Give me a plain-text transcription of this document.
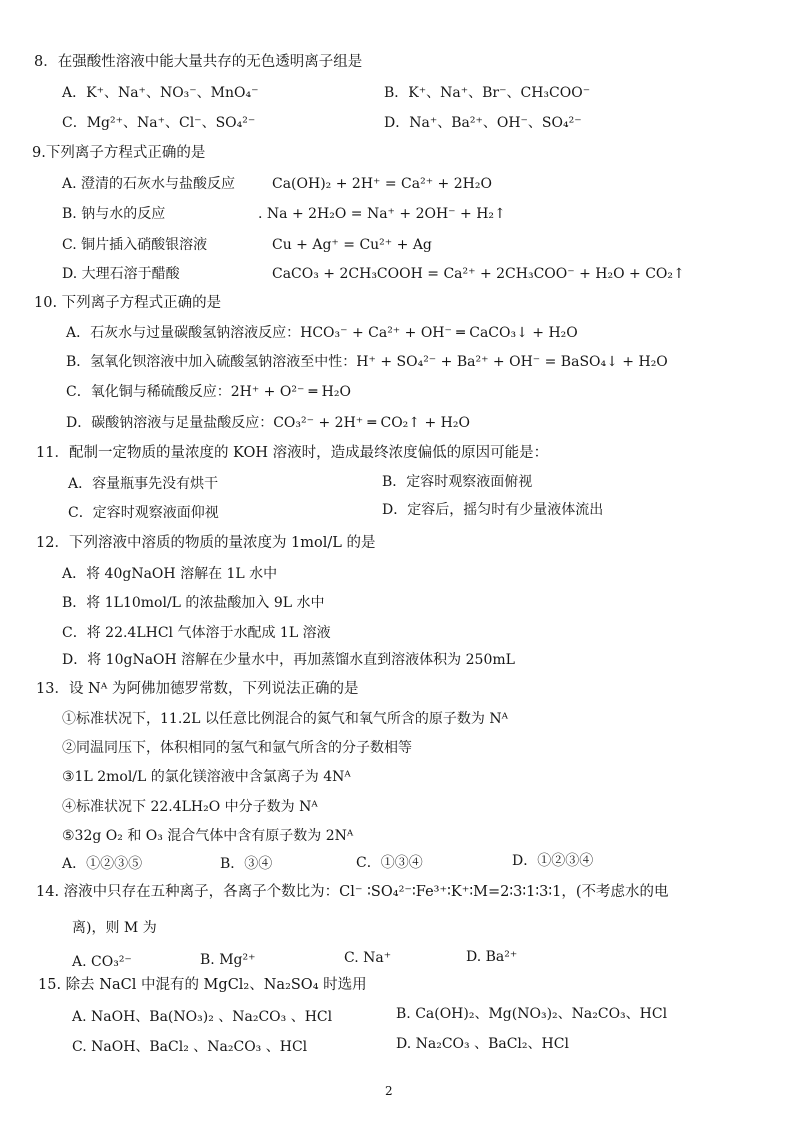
8．在强酸性溶液中能大量共存的无色透明离子组是
A．K⁺、Na⁺、NO₃⁻、MnO₄⁻	B．K⁺、Na⁺、Br⁻、CH₃COO⁻
C．Mg²⁺、Na⁺、Cl⁻、SO₄²⁻	D．Na⁺、Ba²⁺、OH⁻、SO₄²⁻
9.下列离子方程式正确的是
A. 澄清的石灰水与盐酸反应	Ca(OH)₂ + 2H⁺ = Ca²⁺ + 2H₂O
B. 钠与水的反应	. Na + 2H₂O = Na⁺ + 2OH⁻ + H₂↑
C. 铜片插入硝酸银溶液	Cu + Ag⁺ = Cu²⁺ + Ag
D. 大理石溶于醋酸	CaCO₃ + 2CH₃COOH = Ca²⁺ + 2CH₃COO⁻ + H₂O + CO₂↑
10. 下列离子方程式正确的是
A．石灰水与过量碳酸氢钠溶液反应：HCO₃⁻ + Ca²⁺ + OH⁻ ═ CaCO₃↓ + H₂O
B．氢氧化钡溶液中加入硫酸氢钠溶液至中性：H⁺ + SO₄²⁻ + Ba²⁺ + OH⁻ = BaSO₄↓ + H₂O
C．氧化铜与稀硫酸反应：2H⁺ + O²⁻ ═ H₂O
D．碳酸钠溶液与足量盐酸反应：CO₃²⁻ + 2H⁺ ═ CO₂↑ + H₂O
11．配制一定物质的量浓度的 KOH 溶液时，造成最终浓度偏低的原因可能是：
A．容量瓶事先没有烘干	B．定容时观察液面俯视
C．定容时观察液面仰视	D．定容后，摇匀时有少量液体流出
12．下列溶液中溶质的物质的量浓度为 1mol/L 的是
A．将 40gNaOH 溶解在 1L 水中
B．将 1L10mol/L 的浓盐酸加入 9L 水中
C．将 22.4LHCl 气体溶于水配成 1L 溶液
D．将 10gNaOH 溶解在少量水中，再加蒸馏水直到溶液体积为 250mL
13．设 Nᴬ 为阿佛加德罗常数，下列说法正确的是
①标准状况下，11.2L 以任意比例混合的氮气和氧气所含的原子数为 Nᴬ
②同温同压下，体积相同的氢气和氩气所含的分子数相等
③1L 2mol/L 的氯化镁溶液中含氯离子为 4Nᴬ
④标准状况下 22.4LH₂O 中分子数为 Nᴬ
⑤32g O₂ 和 O₃ 混合气体中含有原子数为 2Nᴬ
A．①②③⑤	B．③④	C．①③④	D．①②③④
14. 溶液中只存在五种离子，各离子个数比为：Cl⁻ ∶SO₄²⁻∶Fe³⁺∶K⁺∶M=2∶3∶1∶3∶1，(不考虑水的电
离)，则 M 为
A. CO₃²⁻	B. Mg²⁺	C. Na⁺	D. Ba²⁺
15. 除去 NaCl 中混有的 MgCl₂、Na₂SO₄ 时选用
A. NaOH、Ba(NO₃)₂ 、Na₂CO₃ 、HCl	B. Ca(OH)₂、Mg(NO₃)₂、Na₂CO₃、HCl
C. NaOH、BaCl₂ 、Na₂CO₃ 、HCl	D. Na₂CO₃ 、BaCl₂、HCl
2
